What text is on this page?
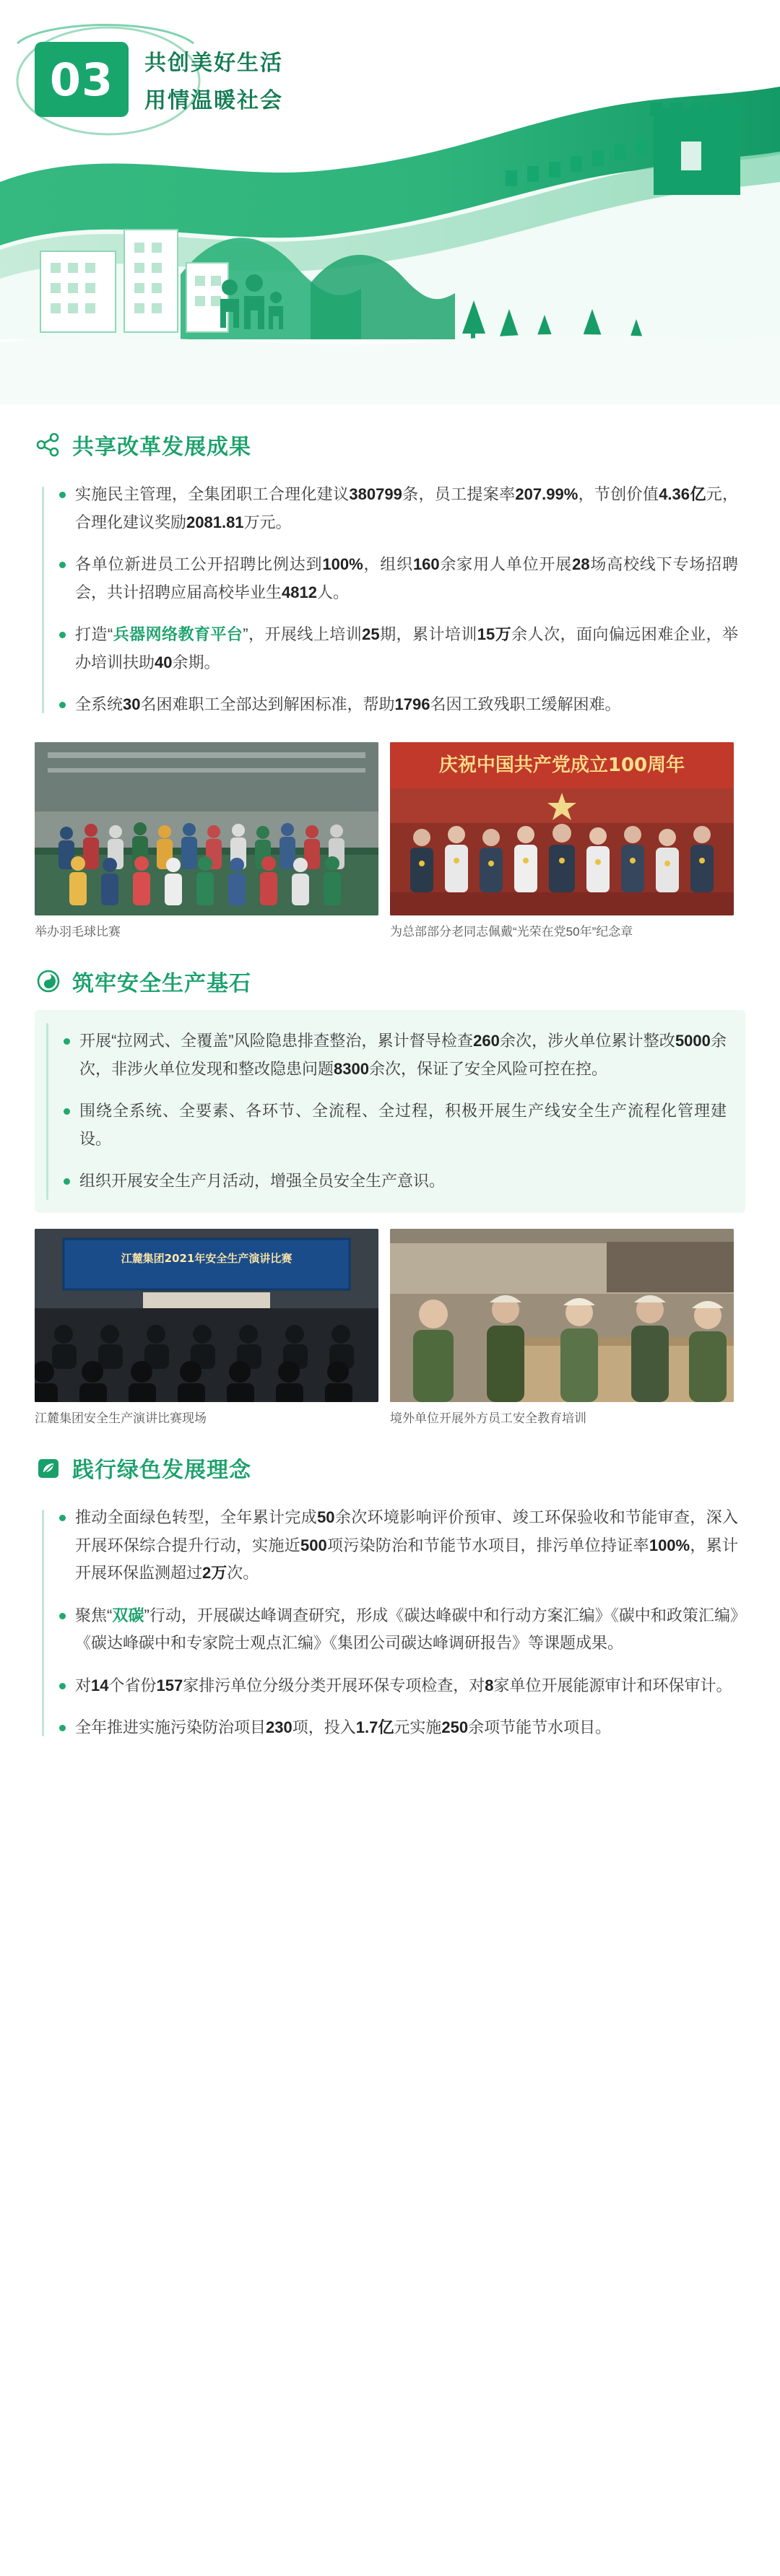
03	共创美好生活
用情温暖社会
共享改革发展成果
实施民主管理，全集团职工合理化建议380799条，员工提案率207.99%，节创价值4.36亿元，合理化建议奖励2081.81万元。
各单位新进员工公开招聘比例达到100%，组织160余家用人单位开展28场高校线下专场招聘会，共计招聘应届高校毕业生4812人。
打造“兵器网络教育平台”，开展线上培训25期，累计培训15万余人次，面向偏远困难企业，举办培训扶助40余期。
全系统30名困难职工全部达到解困标准，帮助1796名因工致残职工缓解困难。
举办羽毛球比赛
庆祝中国共产党成立100周年
为总部部分老同志佩戴“光荣在党50年”纪念章
筑牢安全生产基石
开展“拉网式、全覆盖”风险隐患排查整治，累计督导检查260余次，涉火单位累计整改5000余次，非涉火单位发现和整改隐患问题8300余次，保证了安全风险可控在控。
围绕全系统、全要素、各环节、全流程、全过程，积极开展生产线安全生产流程化管理建设。
组织开展安全生产月活动，增强全员安全生产意识。
江麓集团2021年安全生产演讲比赛
江麓集团安全生产演讲比赛现场	境外单位开展外方员工安全教育培训
践行绿色发展理念
推动全面绿色转型，全年累计完成50余次环境影响评价预审、竣工环保验收和节能审查，深入开展环保综合提升行动，实施近500项污染防治和节能节水项目，排污单位持证率100%，累计开展环保监测超过2万次。
聚焦“双碳”行动，开展碳达峰调查研究，形成《碳达峰碳中和行动方案汇编》《碳中和政策汇编》《碳达峰碳中和专家院士观点汇编》《集团公司碳达峰调研报告》等课题成果。
对14个省份157家排污单位分级分类开展环保专项检查，对8家单位开展能源审计和环保审计。
全年推进实施污染防治项目230项，投入1.7亿元实施250余项节能节水项目。
